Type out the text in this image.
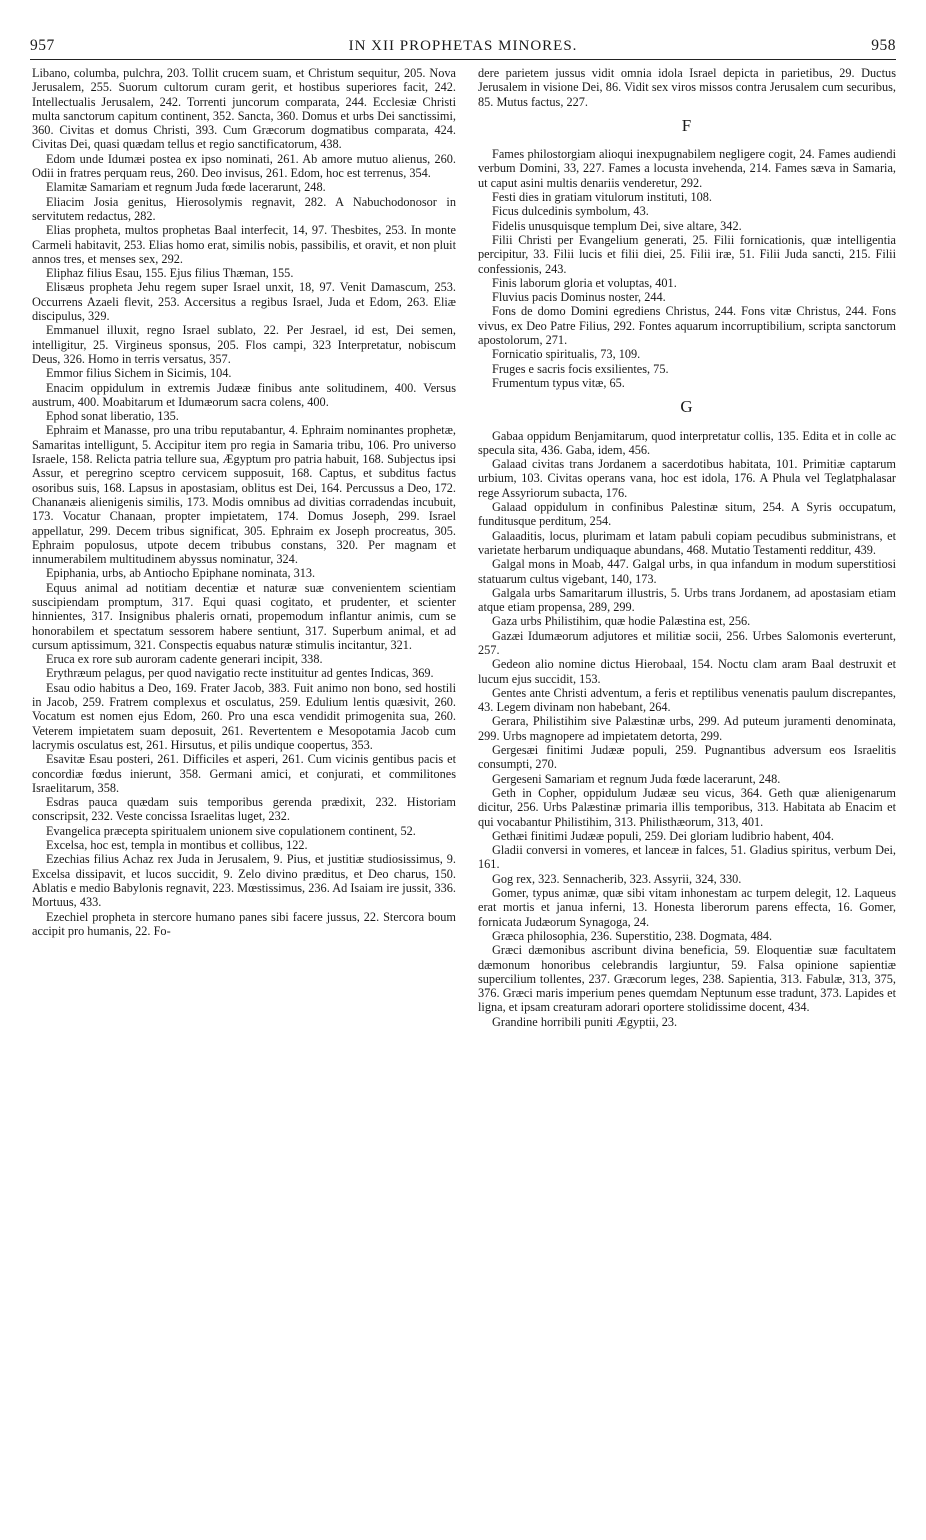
957	IN XII PROPHETAS MINORES.	958

Libano, columba, pulchra, 203. Tollit crucem suam, et Christum sequitur, 205. Nova Jerusalem, 255. Suorum cultorum curam gerit, et hostibus superiores facit, 242. Intellectualis Jerusalem, 242. Torrenti juncorum comparata, 244. Ecclesiæ Christi multa sanctorum capitum continent, 352. Sancta, 360. Domus et urbs Dei sanctissimi, 360. Civitas et domus Christi, 393. Cum Græcorum dogmatibus comparata, 424. Civitas Dei, quasi quædam tellus et regio sanctificatorum, 438.

Edom unde Idumæi postea ex ipso nominati, 261. Ab amore mutuo alienus, 260. Odii in fratres perquam reus, 260. Deo invisus, 261. Edom, hoc est terrenus, 354.

Elamitæ Samariam et regnum Juda fœde lacerarunt, 248.

Eliacim Josia genitus, Hierosolymis regnavit, 282. A Nabuchodonosor in servitutem redactus, 282.

Elias propheta, multos prophetas Baal interfecit, 14, 97. Thesbites, 253. In monte Carmeli habitavit, 253. Elias homo erat, similis nobis, passibilis, et oravit, et non pluit annos tres, et menses sex, 292.

Eliphaz filius Esau, 155. Ejus filius Thæman, 155.

Elisæus propheta Jehu regem super Israel unxit, 18, 97. Venit Damascum, 253. Occurrens Azaeli flevit, 253. Accersitus a regibus Israel, Juda et Edom, 263. Eliæ discipulus, 329.

Emmanuel illuxit, regno Israel sublato, 22. Per Jesrael, id est, Dei semen, intelligitur, 25. Virgineus sponsus, 205. Flos campi, 323 Interpretatur, nobiscum Deus, 326. Homo in terris versatus, 357.

Emmor filius Sichem in Sicimis, 104.

Enacim oppidulum in extremis Judææ finibus ante solitudinem, 400. Versus austrum, 400. Moabitarum et Idumæorum sacra colens, 400.

Ephod sonat liberatio, 135.

Ephraim et Manasse, pro una tribu reputabantur, 4. Ephraim nominantes prophetæ, Samaritas intelligunt, 5. Accipitur item pro regia in Samaria tribu, 106. Pro universo Israele, 158. Relicta patria tellure sua, Ægyptum pro patria habuit, 168. Subjectus ipsi Assur, et peregrino sceptro cervicem supposuit, 168. Captus, et subditus factus osoribus suis, 168. Lapsus in apostasiam, oblitus est Dei, 164. Percussus a Deo, 172. Chananæis alienigenis similis, 173. Modis omnibus ad divitias corradendas incubuit, 173. Vocatur Chanaan, propter impietatem, 174. Domus Joseph, 299. Israel appellatur, 299. Decem tribus significat, 305. Ephraim ex Joseph procreatus, 305. Ephraim populosus, utpote decem tribubus constans, 320. Per magnam et innumerabilem multitudinem abyssus nominatur, 324.

Epiphania, urbs, ab Antiocho Epiphane nominata, 313.

Equus animal ad notitiam decentiæ et naturæ suæ convenientem scientiam suscipiendam promptum, 317. Equi quasi cogitato, et prudenter, et scienter hinnientes, 317. Insignibus phaleris ornati, propemodum inflantur animis, cum se honorabilem et spectatum sessorem habere sentiunt, 317. Superbum animal, et ad cursum aptissimum, 321. Conspectis equabus naturæ stimulis incitantur, 321.

Eruca ex rore sub auroram cadente generari incipit, 338.

Erythræum pelagus, per quod navigatio recte instituitur ad gentes Indicas, 369.

Esau odio habitus a Deo, 169. Frater Jacob, 383. Fuit animo non bono, sed hostili in Jacob, 259. Fratrem complexus et osculatus, 259. Edulium lentis quæsivit, 260. Vocatum est nomen ejus Edom, 260. Pro una esca vendidit primogenita sua, 260. Veterem impietatem suam deposuit, 261. Revertentem e Mesopotamia Jacob cum lacrymis osculatus est, 261. Hirsutus, et pilis undique coopertus, 353.

Esavitæ Esau posteri, 261. Difficiles et asperi, 261. Cum vicinis gentibus pacis et concordiæ fœdus inierunt, 358. Germani amici, et conjurati, et commilitones Israelitarum, 358.

Esdras pauca quædam suis temporibus gerenda prædixit, 232. Historiam conscripsit, 232. Veste concissa Israelitas luget, 232.

Evangelica præcepta spiritualem unionem sive copulationem continent, 52.

Excelsa, hoc est, templa in montibus et collibus, 122.

Ezechias filius Achaz rex Juda in Jerusalem, 9. Pius, et justitiæ studiosissimus, 9. Excelsa dissipavit, et lucos succidit, 9. Zelo divino præditus, et Deo charus, 150. Ablatis e medio Babylonis regnavit, 223. Mœstissimus, 236. Ad Isaiam ire jussit, 336. Mortuus, 433.

Ezechiel propheta in stercore humano panes sibi facere jussus, 22. Stercora boum accipit pro humanis, 22. Fo-

dere parietem jussus vidit omnia idola Israel depicta in parietibus, 29. Ductus Jerusalem in visione Dei, 86. Vidit sex viros missos contra Jerusalem cum securibus, 85. Mutus factus, 227.

F

Fames philostorgiam alioqui inexpugnabilem negligere cogit, 24. Fames audiendi verbum Domini, 33, 227. Fames a locusta invehenda, 214. Fames sæva in Samaria, ut caput asini multis denariis venderetur, 292.

Festi dies in gratiam vitulorum instituti, 108.

Ficus dulcedinis symbolum, 43.

Fidelis unusquisque templum Dei, sive altare, 342.

Filii Christi per Evangelium generati, 25. Filii fornicationis, quæ intelligentia percipitur, 33. Filii lucis et filii diei, 25. Filii iræ, 51. Filii Juda sancti, 215. Filii confessionis, 243.

Finis laborum gloria et voluptas, 401.

Fluvius pacis Dominus noster, 244.

Fons de domo Domini egrediens Christus, 244. Fons vitæ Christus, 244. Fons vivus, ex Deo Patre Filius, 292. Fontes aquarum incorruptibilium, scripta sanctorum apostolorum, 271.

Fornicatio spiritualis, 73, 109.

Fruges e sacris focis exsilientes, 75.

Frumentum typus vitæ, 65.

G

Gabaa oppidum Benjamitarum, quod interpretatur collis, 135. Edita et in colle ac specula sita, 436. Gaba, idem, 456.

Galaad civitas trans Jordanem a sacerdotibus habitata, 101. Primitiæ captarum urbium, 103. Civitas operans vana, hoc est idola, 176. A Phula vel Teglatphalasar rege Assyriorum subacta, 176.

Galaad oppidulum in confinibus Palestinæ situm, 254. A Syris occupatum, funditusque perditum, 254.

Galaaditis, locus, plurimam et latam pabuli copiam pecudibus subministrans, et varietate herbarum undiquaque abundans, 468. Mutatio Testamenti redditur, 439.

Galgal mons in Moab, 447. Galgal urbs, in qua infandum in modum superstitiosi statuarum cultus vigebant, 140, 173.

Galgala urbs Samaritarum illustris, 5. Urbs trans Jordanem, ad apostasiam etiam atque etiam propensa, 289, 299.

Gaza urbs Philistihim, quæ hodie Palæstina est, 256.

Gazæi Idumæorum adjutores et militiæ socii, 256. Urbes Salomonis everterunt, 257.

Gedeon alio nomine dictus Hierobaal, 154. Noctu clam aram Baal destruxit et lucum ejus succidit, 153.

Gentes ante Christi adventum, a feris et reptilibus venenatis paulum discrepantes, 43. Legem divinam non habebant, 264.

Gerara, Philistihim sive Palæstinæ urbs, 299. Ad puteum juramenti denominata, 299. Urbs magnopere ad impietatem detorta, 299.

Gergesæi finitimi Judææ populi, 259. Pugnantibus adversum eos Israelitis consumpti, 270.

Gergeseni Samariam et regnum Juda fœde lacerarunt, 248.

Geth in Copher, oppidulum Judææ seu vicus, 364. Geth quæ alienigenarum dicitur, 256. Urbs Palæstinæ primaria illis temporibus, 313. Habitata ab Enacim et qui vocabantur Philistihim, 313. Philisthæorum, 313, 401.

Gethæi finitimi Judææ populi, 259. Dei gloriam ludibrio habent, 404.

Gladii conversi in vomeres, et lanceæ in falces, 51. Gladius spiritus, verbum Dei, 161.

Gog rex, 323. Sennacherib, 323. Assyrii, 324, 330.

Gomer, typus animæ, quæ sibi vitam inhonestam ac turpem delegit, 12. Laqueus erat mortis et janua inferni, 13. Honesta liberorum parens effecta, 16. Gomer, fornicata Judæorum Synagoga, 24.

Græca philosophia, 236. Superstitio, 238. Dogmata, 484.

Græci dæmonibus ascribunt divina beneficia, 59. Eloquentiæ suæ facultatem dæmonum honoribus celebrandis largiuntur, 59. Falsa opinione sapientiæ supercilium tollentes, 237. Græcorum leges, 238. Sapientia, 313. Fabulæ, 313, 375, 376. Græci maris imperium penes quemdam Neptunum esse tradunt, 373. Lapides et ligna, et ipsam creaturam adorari oportere stolidissime docent, 434.

Grandine horribili puniti Ægyptii, 23.
